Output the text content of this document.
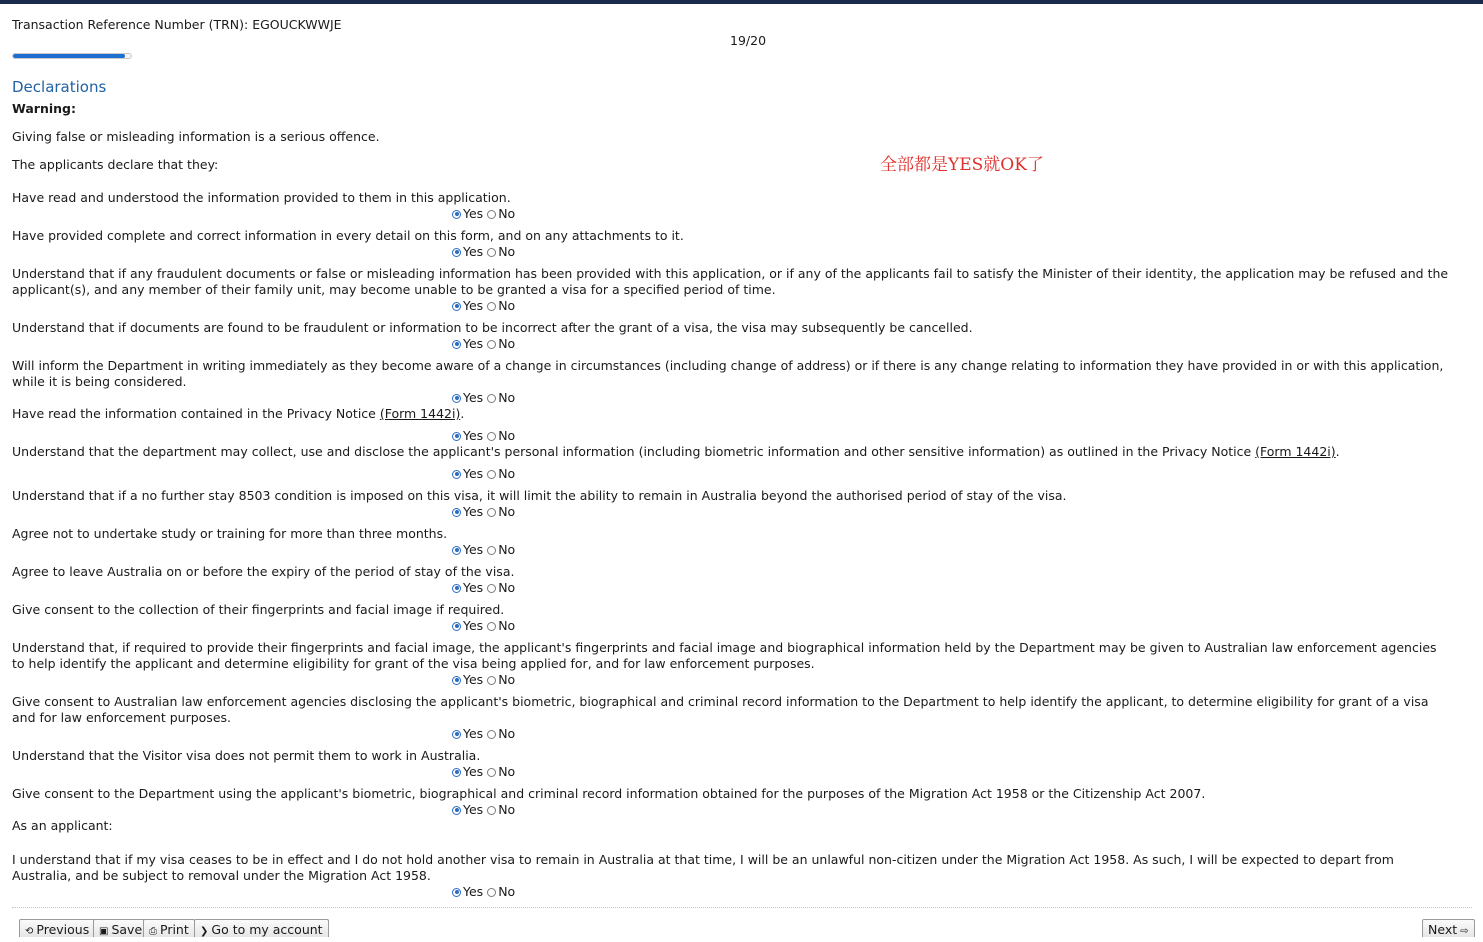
Transaction Reference Number (TRN): EGOUCKWWJE
19/20
Declarations
Warning:
Giving false or misleading information is a serious offence.
The applicants declare that they:	全部都是YES就OK了
Have read and understood the information provided to them in this application.
Yes No
Have provided complete and correct information in every detail on this form, and on any attachments to it.
Yes No
Understand that if any fraudulent documents or false or misleading information has been provided with this application, or if any of the applicants fail to satisfy the Minister of their identity, the application may be refused and the applicant(s), and any member of their family unit, may become unable to be granted a visa for a specified period of time.
Yes No
Understand that if documents are found to be fraudulent or information to be incorrect after the grant of a visa, the visa may subsequently be cancelled.
Yes No
Will inform the Department in writing immediately as they become aware of a change in circumstances (including change of address) or if there is any change relating to information they have provided in or with this application, while it is being considered.
Yes No
Have read the information contained in the Privacy Notice (Form 1442i).
Yes No
Understand that the department may collect, use and disclose the applicant's personal information (including biometric information and other sensitive information) as outlined in the Privacy Notice (Form 1442i).
Yes No
Understand that if a no further stay 8503 condition is imposed on this visa, it will limit the ability to remain in Australia beyond the authorised period of stay of the visa.
Yes No
Agree not to undertake study or training for more than three months.
Yes No
Agree to leave Australia on or before the expiry of the period of stay of the visa.
Yes No
Give consent to the collection of their fingerprints and facial image if required.
Yes No
Understand that, if required to provide their fingerprints and facial image, the applicant's fingerprints and facial image and biographical information held by the Department may be given to Australian law enforcement agencies to help identify the applicant and determine eligibility for grant of the visa being applied for, and for law enforcement purposes.
Yes No
Give consent to Australian law enforcement agencies disclosing the applicant's biometric, biographical and criminal record information to the Department to help identify the applicant, to determine eligibility for grant of a visa and for law enforcement purposes.
Yes No
Understand that the Visitor visa does not permit them to work in Australia.
Yes No
Give consent to the Department using the applicant's biometric, biographical and criminal record information obtained for the purposes of the Migration Act 1958 or the Citizenship Act 2007.
Yes No
As an applicant:
I understand that if my visa ceases to be in effect and I do not hold another visa to remain in Australia at that time, I will be an unlawful non-citizen under the Migration Act 1958. As such, I will be expected to depart from Australia, and be subject to removal under the Migration Act 1958.
Yes No
⟲ Previous ▣ Save ⎙ Print	❯ Go to my account	Next ⇨
